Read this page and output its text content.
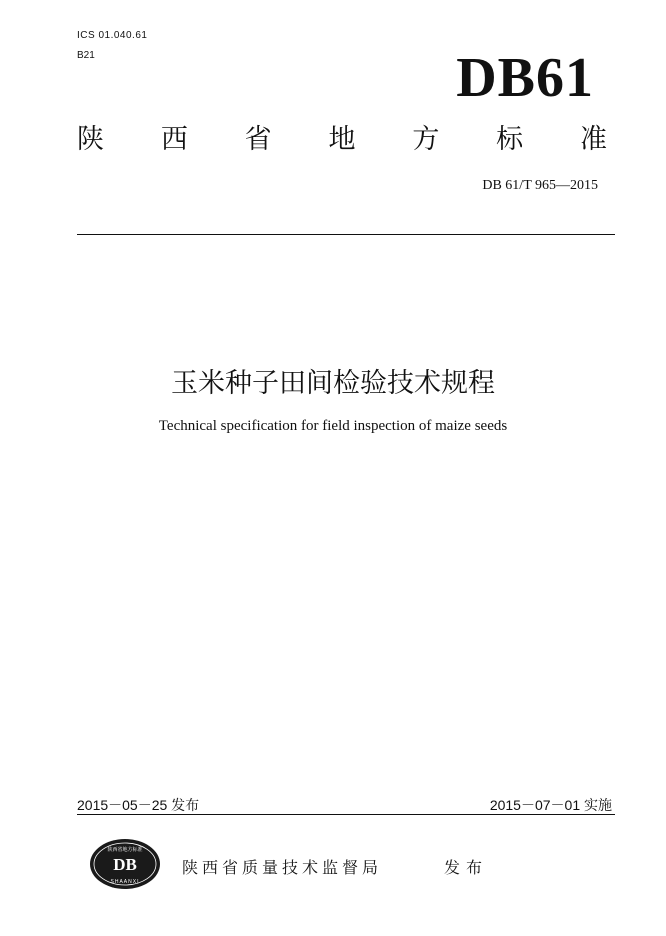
ICS 01.040.61
B21	DB61
陕 西 省 地 方 标 准
DB 61/T 965—2015
玉米种子田间检验技术规程
Technical specification for field inspection of maize seeds
2015－05－25 发布	2015－07－01 实施
DB
陕西省地方标准
SHAANXI
陕西省质量技术监督局	发布
